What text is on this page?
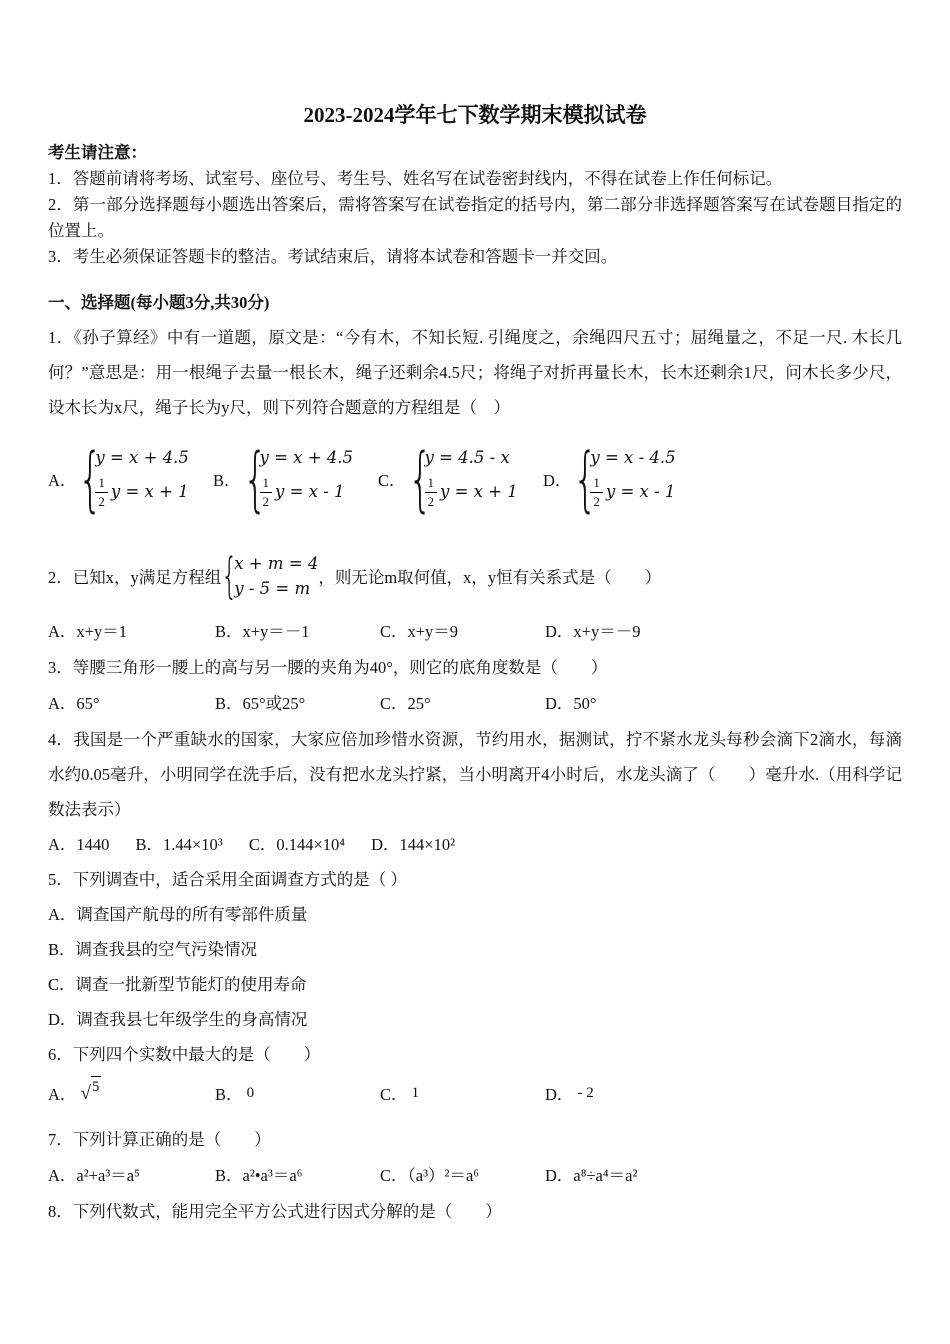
2023-2024学年七下数学期末模拟试卷

考生请注意：

1．答题前请将考场、试室号、座位号、考生号、姓名写在试卷密封线内，不得在试卷上作任何标记。

2．第一部分选择题每小题选出答案后，需将答案写在试卷指定的括号内，第二部分非选择题答案写在试卷题目指定的位置上。

3．考生必须保证答题卡的整洁。考试结束后，请将本试卷和答题卡一并交回。

一、选择题(每小题3分,共30分)

1．《孙子算经》中有一道题，原文是：“今有木，不知长短. 引绳度之，余绳四尺五寸；屈绳量之，不足一尺. 木长几何？”意思是：用一根绳子去量一根长木，绳子还剩余4.5尺；将绳子对折再量长木，长木还剩余1尺，问木长多少尺，设木长为x尺，绳子长为y尺，则下列符合题意的方程组是（　）

A．
{
y = x + 4.5
$\frac{1}{2}$ y = x + 1
B．
{
y = x + 4.5
$\frac{1}{2}$ y = x - 1
C．
{
y = 4.5 - x
$\frac{1}{2}$ y = x + 1
D．
{
y = x - 4.5
$\frac{1}{2}$ y = x - 1
2．已知x，y满足方程组
{
x + m = 4
y - 5 = m
，则无论m取何值，x，y恒有关系式是（　　）
A．x+y＝1	B．x+y＝－1	C．x+y＝9	D．x+y＝－9

3．等腰三角形一腰上的高与另一腰的夹角为40°，则它的底角度数是（　　）

A．65°	B．65°或25°	C．25°	D．50°

4．我国是一个严重缺水的国家，大家应倍加珍惜水资源，节约用水，据测试，拧不紧水龙头每秒会滴下2滴水，每滴水约0.05毫升，小明同学在洗手后，没有把水龙头拧紧，当小明离开4小时后，水龙头滴了（　　）毫升水.（用科学记数法表示）

A．1440 B．1.44×10³ C．0.144×10⁴ D．144×10²

5．下列调查中，适合采用全面调查方式的是（ ）

A．调查国产航母的所有零部件质量

B．调查我县的空气污染情况

C．调查一批新型节能灯的使用寿命

D．调查我县七年级学生的身高情况

6．下列四个实数中最大的是（　　）

A． √ 5	B． 0	C． 1	D． - 2

7．下列计算正确的是（　　）

A．a²+a³＝a⁵	B．a²•a³＝a⁶	C．（a³）²＝a⁶	D．a⁸÷a⁴＝a²

8．下列代数式，能用完全平方公式进行因式分解的是（　　）
